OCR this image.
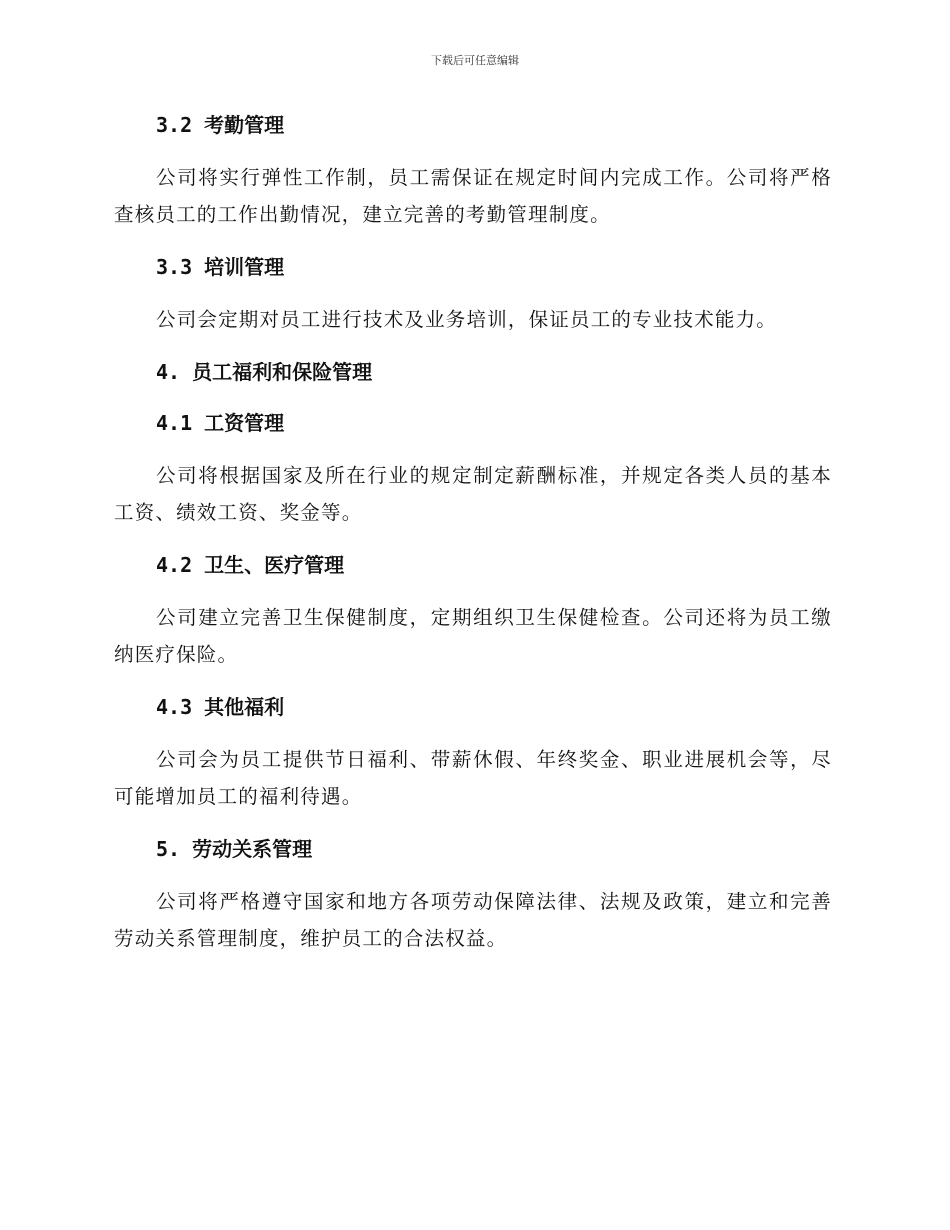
下载后可任意编辑
3.2 考勤管理

公司将实行弹性工作制，员工需保证在规定时间内完成工作。公司将严格查核员工的工作出勤情况，建立完善的考勤管理制度。

3.3 培训管理

公司会定期对员工进行技术及业务培训，保证员工的专业技术能力。

4. 员工福利和保险管理
4.1 工资管理

公司将根据国家及所在行业的规定制定薪酬标准，并规定各类人员的基本工资、绩效工资、奖金等。

4.2 卫生、医疗管理

公司建立完善卫生保健制度，定期组织卫生保健检查。公司还将为员工缴纳医疗保险。

4.3 其他福利

公司会为员工提供节日福利、带薪休假、年终奖金、职业进展机会等，尽可能增加员工的福利待遇。

5. 劳动关系管理

公司将严格遵守国家和地方各项劳动保障法律、法规及政策，建立和完善劳动关系管理制度，维护员工的合法权益。
